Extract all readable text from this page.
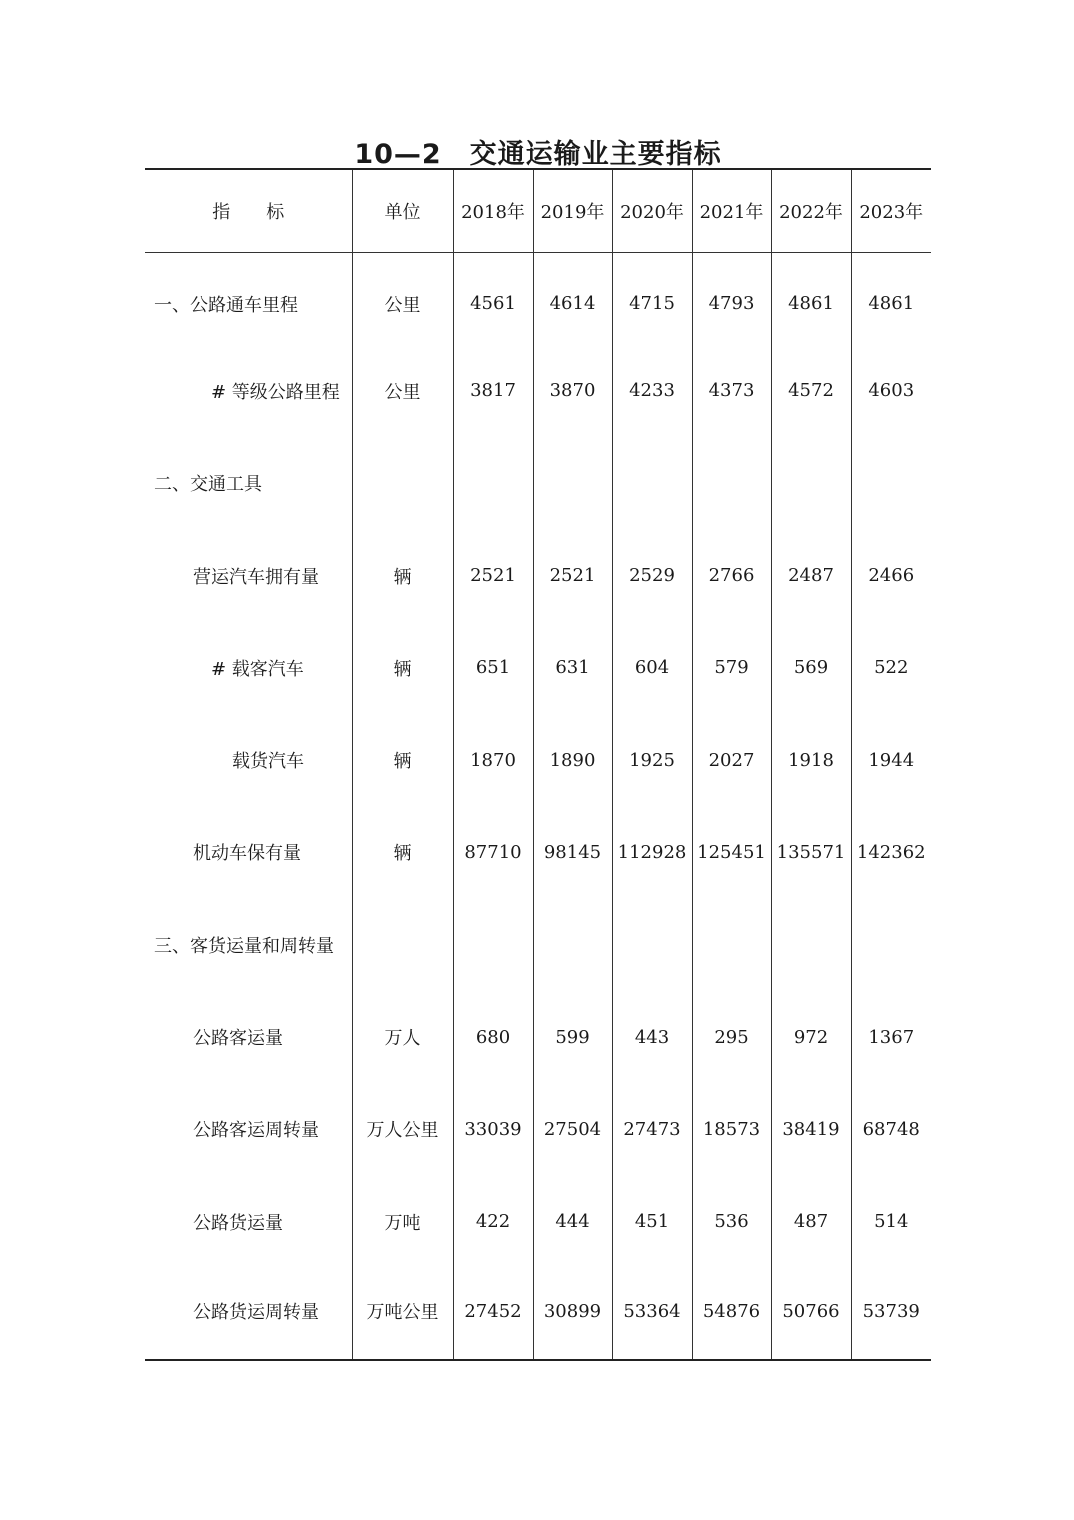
10—2　交通运输业主要指标
指　　标	单位	2018年	2019年	2020年	2021年	2022年	2023年
一、公路通车里程	公里	4561	4614	4715	4793	4861	4861
# 等级公路里程	公里	3817	3870	4233	4373	4572	4603
二、交通工具							
营运汽车拥有量	辆	2521	2521	2529	2766	2487	2466
# 载客汽车	辆	651	631	604	579	569	522
载货汽车	辆	1870	1890	1925	2027	1918	1944
机动车保有量	辆	87710	98145	112928	125451	135571	142362
三、客货运量和周转量							
公路客运量	万人	680	599	443	295	972	1367
公路客运周转量	万人公里	33039	27504	27473	18573	38419	68748
公路货运量	万吨	422	444	451	536	487	514
公路货运周转量	万吨公里	27452	30899	53364	54876	50766	53739
